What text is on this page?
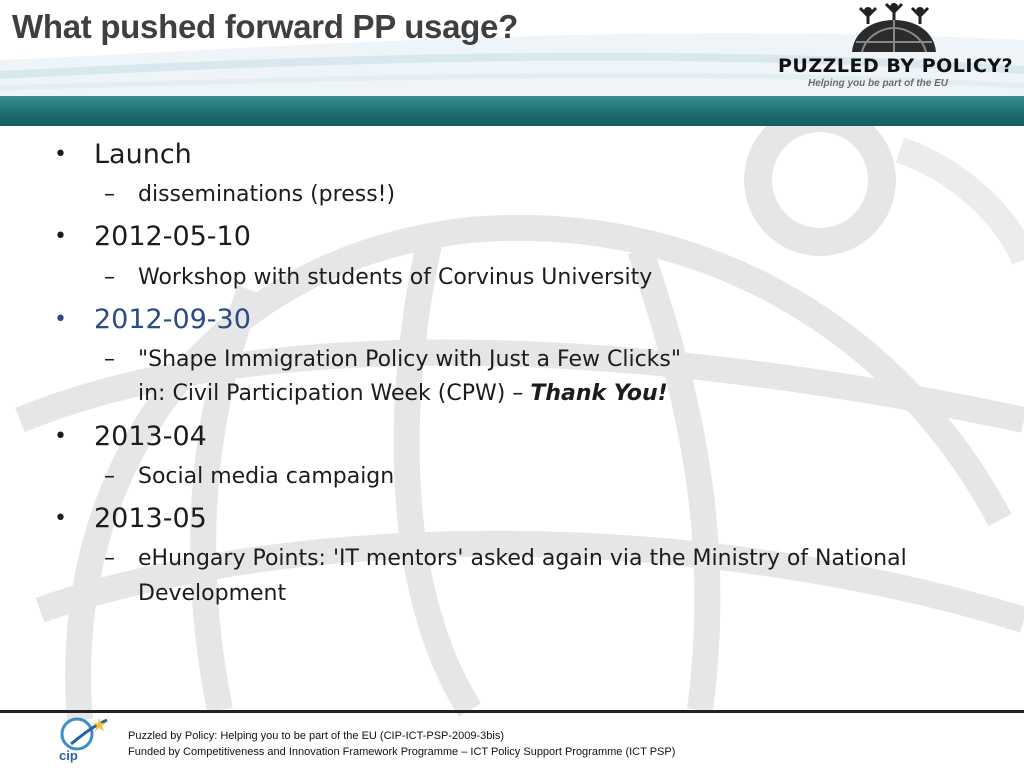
What pushed forward PP usage?
PUZZLED BY POLICY?
Helping you be part of the EU
• Launch
– disseminations (press!)
• 2012-05-10
– Workshop with students of Corvinus University
• 2012-09-30
– "Shape Immigration Policy with Just a Few Clicks"
in: Civil Participation Week (CPW) – Thank You!
• 2013-04
– Social media campaign
• 2013-05
– eHungary Points: 'IT mentors' asked again via the Ministry of National
Development
cip
Puzzled by Policy: Helping you to be part of the EU (CIP-ICT-PSP-2009-3bis)
Funded by Competitiveness and Innovation Framework Programme – ICT Policy Support Programme (ICT PSP)
